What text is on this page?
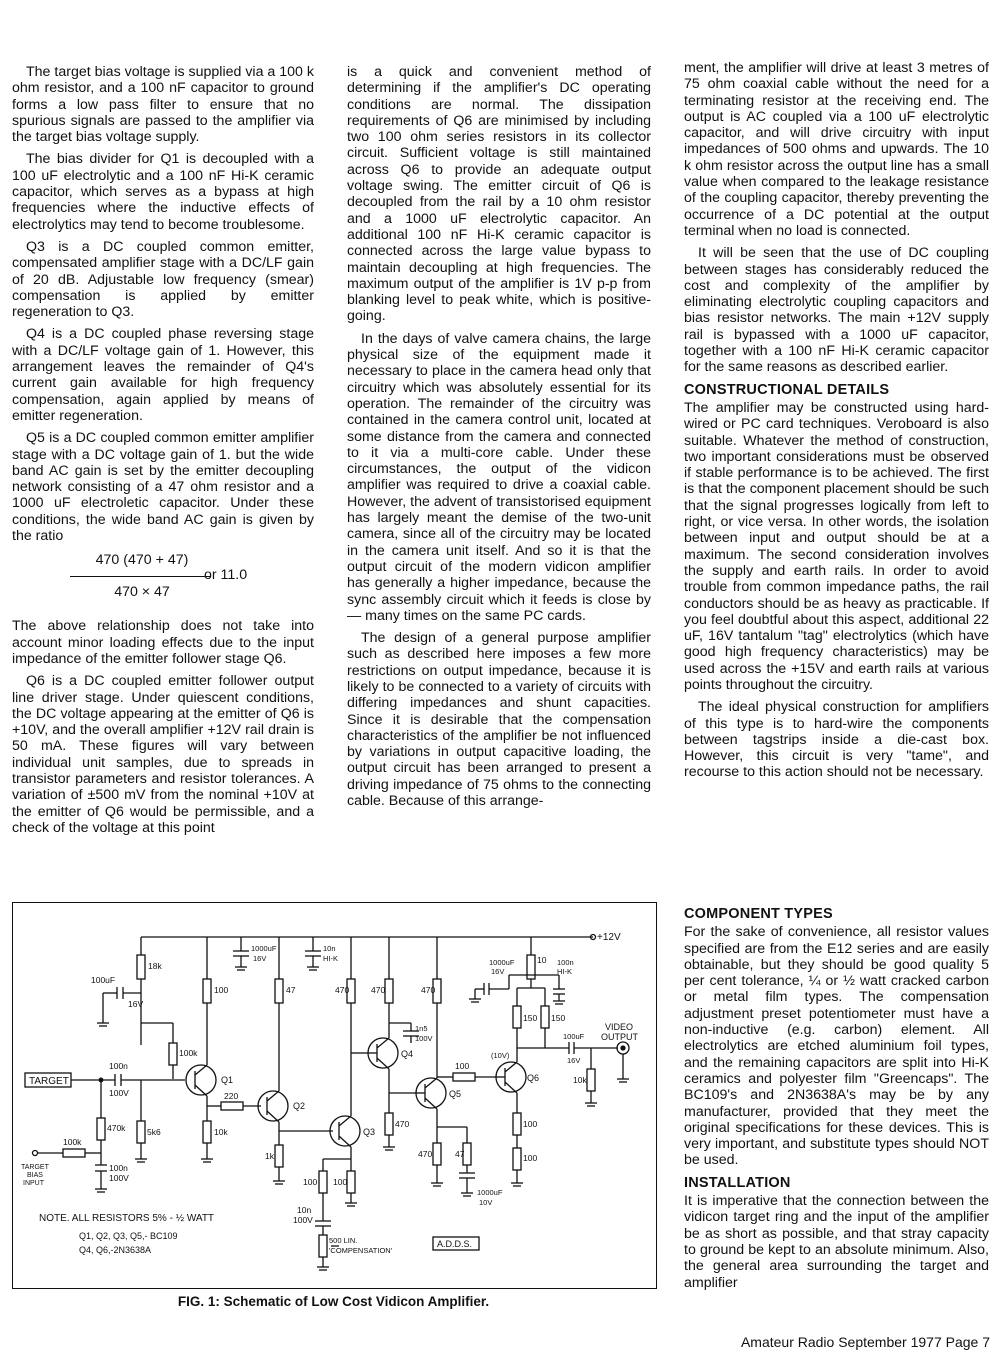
The target bias voltage is supplied via a 100 k ohm resistor, and a 100 nF capacitor to ground forms a low pass filter to ensure that no spurious signals are passed to the amplifier via the target bias voltage supply.

The bias divider for Q1 is decoupled with a 100 uF electrolytic and a 100 nF Hi-K ceramic capacitor, which serves as a bypass at high frequencies where the inductive effects of electrolytics may tend to become troublesome.

Q3 is a DC coupled common emitter, compensated amplifier stage with a DC/LF gain of 20 dB. Adjustable low frequency (smear) compensation is applied by emitter regeneration to Q3.

Q4 is a DC coupled phase reversing stage with a DC/LF voltage gain of 1. However, this arrangement leaves the remainder of Q4's current gain available for high frequency compensation, again applied by means of emitter regeneration.

Q5 is a DC coupled common emitter amplifier stage with a DC voltage gain of 1. but the wide band AC gain is set by the emitter decoupling network consisting of a 47 ohm resistor and a 1000 uF electroletic capacitor. Under these conditions, the wide band AC gain is given by the ratio

470 (470 + 47)
470 × 47
or 11.0

The above relationship does not take into account minor loading effects due to the input impedance of the emitter follower stage Q6.

Q6 is a DC coupled emitter follower output line driver stage. Under quiescent conditions, the DC voltage appearing at the emitter of Q6 is +10V, and the overall amplifier +12V rail drain is 50 mA. These figures will vary between individual unit samples, due to spreads in transistor parameters and resistor tolerances. A variation of ±500 mV from the nominal +10V at the emitter of Q6 would be permissible, and a check of the voltage at this point

is a quick and convenient method of determining if the amplifier's DC operating conditions are normal. The dissipation requirements of Q6 are minimised by including two 100 ohm series resistors in its collector circuit. Sufficient voltage is still maintained across Q6 to provide an adequate output voltage swing. The emitter circuit of Q6 is decoupled from the rail by a 10 ohm resistor and a 1000 uF electrolytic capacitor. An additional 100 nF Hi-K ceramic capacitor is connected across the large value bypass to maintain decoupling at high frequencies. The maximum output of the amplifier is 1V p-p from blanking level to peak white, which is positive-going.

In the days of valve camera chains, the large physical size of the equipment made it necessary to place in the camera head only that circuitry which was absolutely essential for its operation. The remainder of the circuitry was contained in the camera control unit, located at some distance from the camera and connected to it via a multi-core cable. Under these circumstances, the output of the vidicon amplifier was required to drive a coaxial cable. However, the advent of transistorised equipment has largely meant the demise of the two-unit camera, since all of the circuitry may be located in the camera unit itself. And so it is that the output circuit of the modern vidicon amplifier has generally a higher impedance, because the sync assembly circuit which it feeds is close by — many times on the same PC cards.

The design of a general purpose amplifier such as described here imposes a few more restrictions on output impedance, because it is likely to be connected to a variety of circuits with differing impedances and shunt capacities. Since it is desirable that the compensation characteristics of the amplifier be not influenced by variations in output capacitive loading, the output circuit has been arranged to present a driving impedance of 75 ohms to the connecting cable. Because of this arrange-

ment, the amplifier will drive at least 3 metres of 75 ohm coaxial cable without the need for a terminating resistor at the receiving end. The output is AC coupled via a 100 uF electrolytic capacitor, and will drive circuitry with input impedances of 500 ohms and upwards. The 10 k ohm resistor across the output line has a small value when compared to the leakage resistance of the coupling capacitor, thereby preventing the occurrence of a DC potential at the output terminal when no load is connected.

It will be seen that the use of DC coupling between stages has considerably reduced the cost and complexity of the amplifier by eliminating electrolytic coupling capacitors and bias resistor networks. The main +12V supply rail is bypassed with a 1000 uF capacitor, together with a 100 nF Hi-K ceramic capacitor for the same reasons as described earlier.

CONSTRUCTIONAL DETAILS

The amplifier may be constructed using hard-wired or PC card techniques. Veroboard is also suitable. Whatever the method of construction, two important considerations must be observed if stable performance is to be achieved. The first is that the component placement should be such that the signal progresses logically from left to right, or vice versa. In other words, the isolation between input and output should be at a maximum. The second consideration involves the supply and earth rails. In order to avoid trouble from common impedance paths, the rail conductors should be as heavy as practicable. If you feel doubtful about this aspect, additional 22 uF, 16V tantalum "tag" electrolytics (which have good high frequency characteristics) may be used across the +15V and earth rails at various points throughout the circuitry.

The ideal physical construction for amplifiers of this type is to hard-wire the components between tagstrips inside a die-cast box. However, this circuit is very "tame", and recourse to this action should not be necessary.

COMPONENT TYPES

For the sake of convenience, all resistor values specified are from the E12 series and are easily obtainable, but they should be good quality 5 per cent tolerance, ¼ or ½ watt cracked carbon or metal film types. The compensation adjustment preset potentiometer must have a non-inductive (e.g. carbon) element. All electrolytics are etched aluminium foil types, and the remaining capacitors are split into Hi-K ceramics and polyester film "Greencaps". The BC109's and 2N3638A's may be by any manufacturer, provided that they meet the original specifications for these devices. This is very important, and substitute types should NOT be used.

INSTALLATION

It is imperative that the connection between the vidicon target ring and the input of the amplifier be as short as possible, and that stray capacity to ground be kept to an absolute minimum. Also, the general area surrounding the target and amplifier

+12V
18k
100uF
16V
100k
TARGET
100n
100V
470k	5k6
100k
100n
100V
TARGET
BIAS
INPUT
Q1
100
10k
220
1000uF
16V
10n
HI-K
Q2
47
1k
Q3
470
100 100
10n
100V
500 LIN.
'COMPENSATION'
Q4
470
1n5
100V
470
Q5
470
470	47
1000uF
10V
100
Q6
(10V)
100
100
150 150
10
1000uF
16V
100n
HI-K
100uF
16V
10k
VIDEO
OUTPUT
NOTE. ALL RESISTORS 5% - ½ WATT
Q1, Q2, Q3, Q5,- BC109
Q4, Q6,-2N3638A
A.D.D.S.
FIG. 1: Schematic of Low Cost Vidicon Amplifier.
Amateur Radio September 1977 Page 7
